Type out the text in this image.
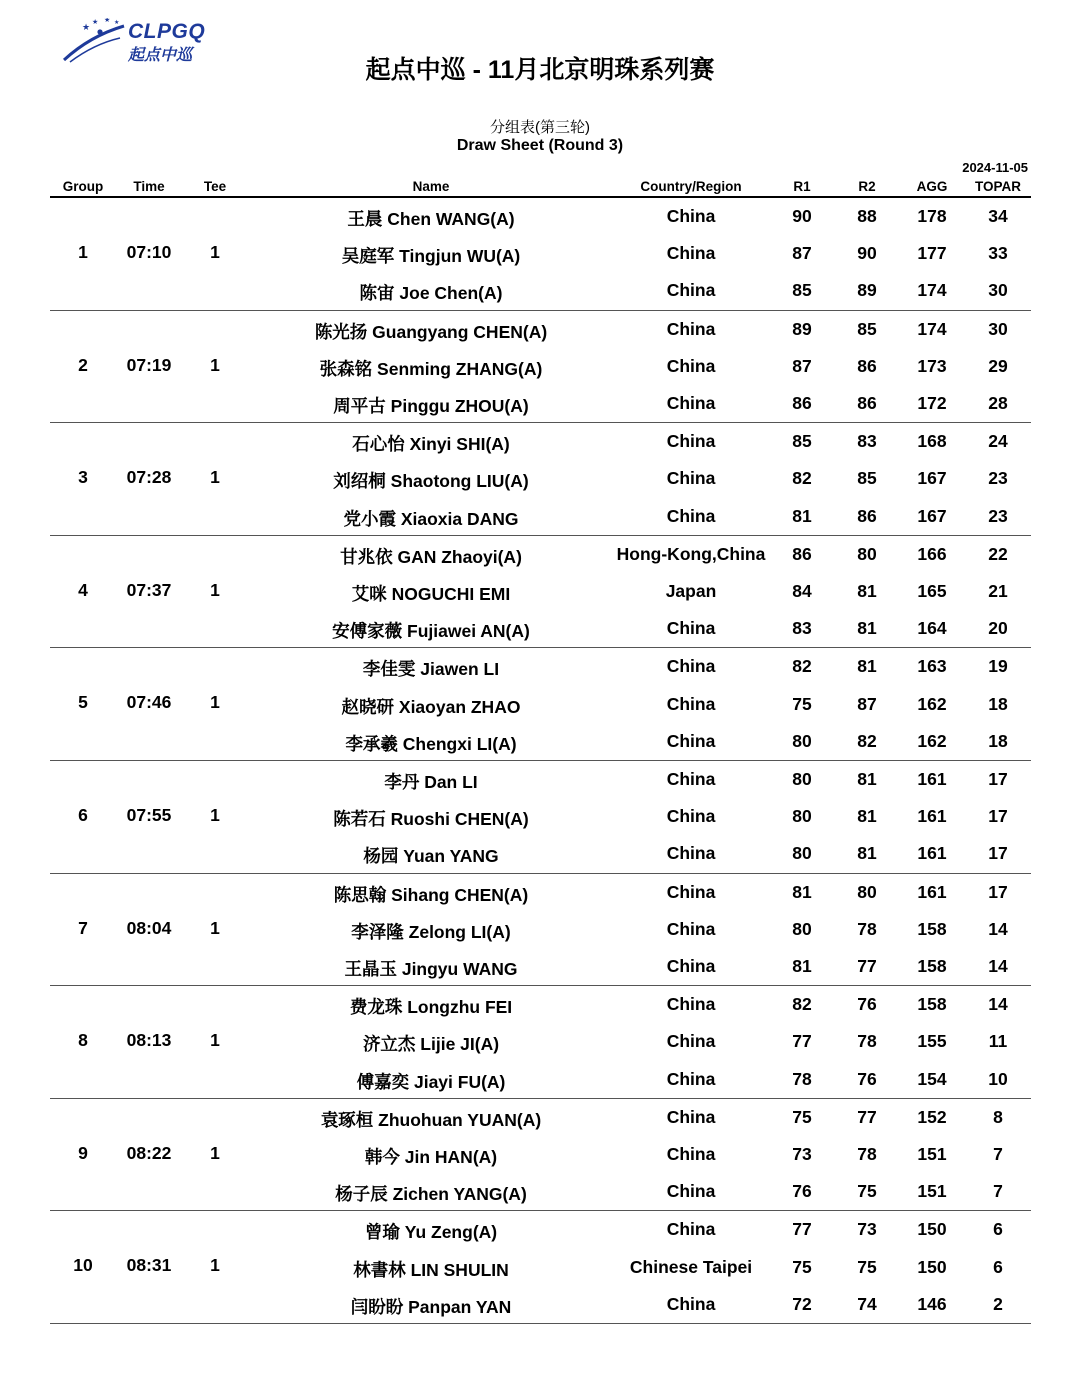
★ ★ ★ ★ CLPGQ
起点中巡
起点中巡 - 11月北京明珠系列赛
分组表(第三轮)
Draw Sheet (Round 3)
2024-11-05
Group	Time	Tee	Name	Country/Region	R1	R2	AGG	TOPAR
1	07:10	1
王晨 Chen WANG(A)	China	90	88	178	34
吴庭军 Tingjun WU(A)	China	87	90	177	33
陈宙 Joe Chen(A)	China	85	89	174	30
2	07:19	1
陈光扬 Guangyang CHEN(A)	China	89	85	174	30
张森铭 Senming ZHANG(A)	China	87	86	173	29
周平古 Pinggu ZHOU(A)	China	86	86	172	28
3	07:28	1
石心怡 Xinyi SHI(A)	China	85	83	168	24
刘绍桐 Shaotong LIU(A)	China	82	85	167	23
党小霞 Xiaoxia DANG	China	81	86	167	23
4	07:37	1
甘兆依 GAN Zhaoyi(A)	Hong-Kong,China	86	80	166	22
艾咪 NOGUCHI EMI	Japan	84	81	165	21
安傅家薇 Fujiawei AN(A)	China	83	81	164	20
5	07:46	1
李佳雯 Jiawen LI	China	82	81	163	19
赵晓研 Xiaoyan ZHAO	China	75	87	162	18
李承羲 Chengxi LI(A)	China	80	82	162	18
6	07:55	1
李丹 Dan LI	China	80	81	161	17
陈若石 Ruoshi CHEN(A)	China	80	81	161	17
杨园 Yuan YANG	China	80	81	161	17
7	08:04	1
陈思翰 Sihang CHEN(A)	China	81	80	161	17
李泽隆 Zelong LI(A)	China	80	78	158	14
王晶玉 Jingyu WANG	China	81	77	158	14
8	08:13	1
费龙珠 Longzhu FEI	China	82	76	158	14
济立杰 Lijie JI(A)	China	77	78	155	11
傅嘉奕 Jiayi FU(A)	China	78	76	154	10
9	08:22	1
袁琢桓 Zhuohuan YUAN(A)	China	75	77	152	8
韩今 Jin HAN(A)	China	73	78	151	7
杨子辰 Zichen YANG(A)	China	76	75	151	7
10	08:31	1
曾瑜 Yu Zeng(A)	China	77	73	150	6
林書林 LIN SHULIN	Chinese Taipei	75	75	150	6
闫盼盼 Panpan YAN	China	72	74	146	2
